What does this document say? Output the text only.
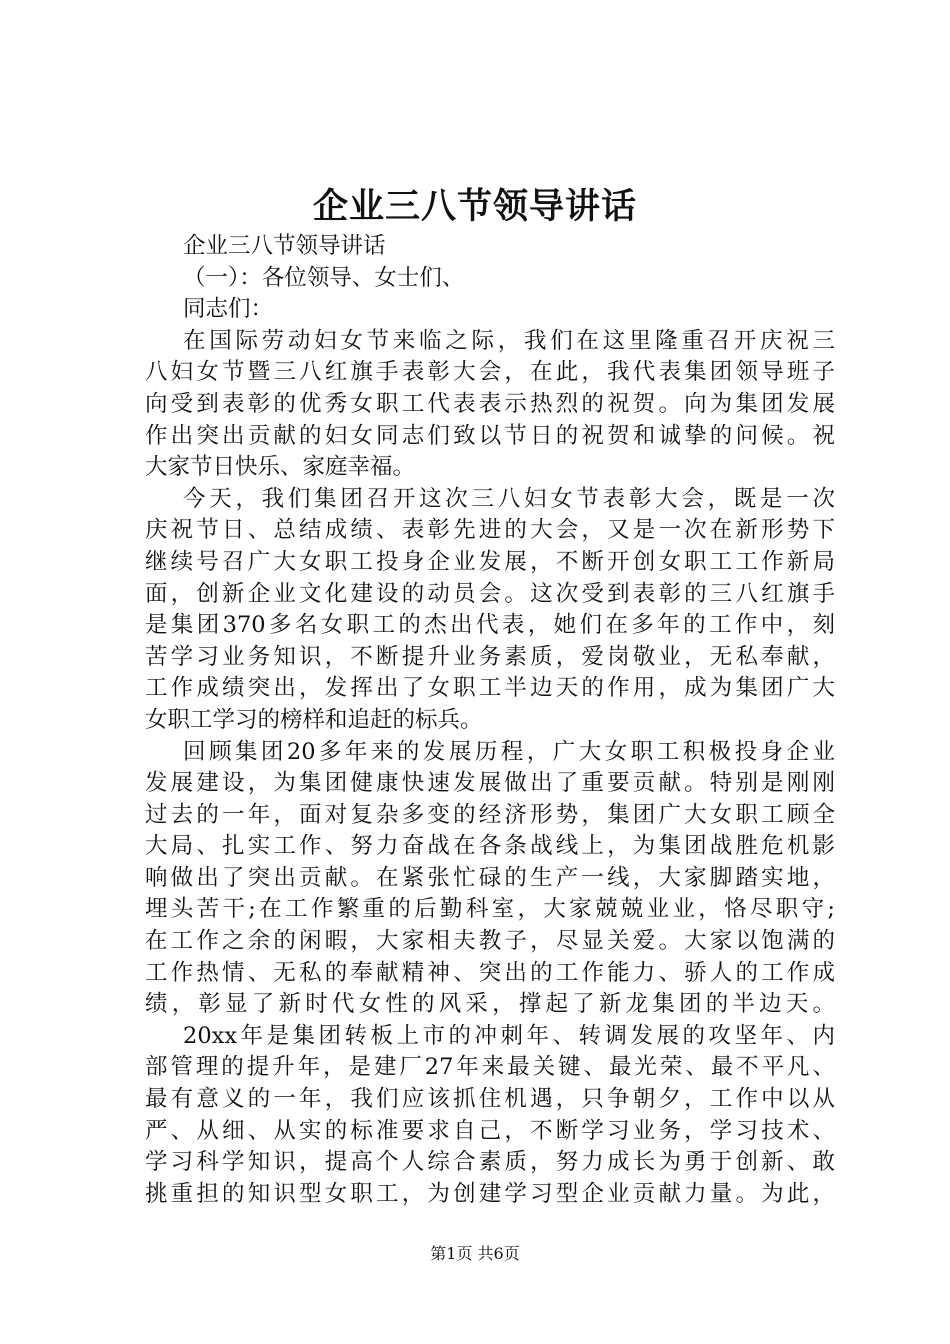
企业三八节领导讲话
企业三八节领导讲话
（一）：各位领导、女士们、
同志们：
在国际劳动妇女节来临之际，我们在这里隆重召开庆祝三
八妇女节暨三八红旗手表彰大会，在此，我代表集团领导班子
向受到表彰的优秀女职工代表表示热烈的祝贺。向为集团发展
作出突出贡献的妇女同志们致以节日的祝贺和诚挚的问候。祝
大家节日快乐、家庭幸福。
今天，我们集团召开这次三八妇女节表彰大会，既是一次
庆祝节日、总结成绩、表彰先进的大会，又是一次在新形势下
继续号召广大女职工投身企业发展，不断开创女职工工作新局
面，创新企业文化建设的动员会。这次受到表彰的三八红旗手
是集团370多名女职工的杰出代表，她们在多年的工作中，刻
苦学习业务知识，不断提升业务素质，爱岗敬业，无私奉献，
工作成绩突出，发挥出了女职工半边天的作用，成为集团广大
女职工学习的榜样和追赶的标兵。
回顾集团20多年来的发展历程，广大女职工积极投身企业
发展建设，为集团健康快速发展做出了重要贡献。特别是刚刚
过去的一年，面对复杂多变的经济形势，集团广大女职工顾全
大局、扎实工作、努力奋战在各条战线上，为集团战胜危机影
响做出了突出贡献。在紧张忙碌的生产一线，大家脚踏实地，
埋头苦干;在工作繁重的后勤科室，大家兢兢业业，恪尽职守;
在工作之余的闲暇，大家相夫教子，尽显关爱。大家以饱满的
工作热情、无私的奉献精神、突出的工作能力、骄人的工作成
绩，彰显了新时代女性的风采，撑起了新龙集团的半边天。
20xx年是集团转板上市的冲刺年、转调发展的攻坚年、内
部管理的提升年，是建厂27年来最关键、最光荣、最不平凡、
最有意义的一年，我们应该抓住机遇，只争朝夕，工作中以从
严、从细、从实的标准要求自己，不断学习业务，学习技术、
学习科学知识，提高个人综合素质，努力成长为勇于创新、敢
挑重担的知识型女职工，为创建学习型企业贡献力量。为此，
第1页 共6页
